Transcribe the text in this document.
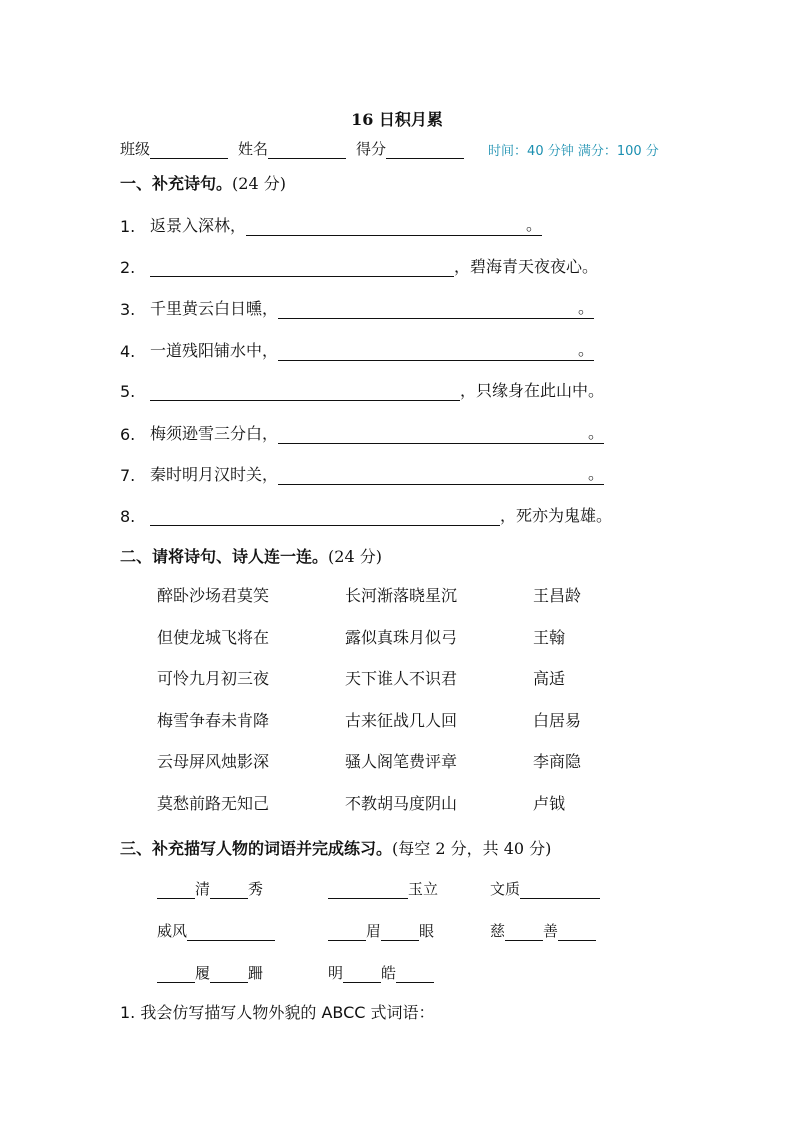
16 日积月累
班级	姓名	得分	时间：40 分钟 满分：100 分
一、补充诗句。(24 分)
1. 返景入深林，	。
2.	，碧海青天夜夜心。
3. 千里黄云白日曛，	。
4. 一道残阳铺水中，	。
5.	，只缘身在此山中。
6. 梅须逊雪三分白，	。
7. 秦时明月汉时关，	。
8.	，死亦为鬼雄。
二、请将诗句、诗人连一连。(24 分)
醉卧沙场君莫笑	长河渐落晓星沉	王昌龄
但使龙城飞将在	露似真珠月似弓	王翰
可怜九月初三夜	天下谁人不识君	高适
梅雪争春未肯降	古来征战几人回	白居易
云母屏风烛影深	骚人阁笔费评章	李商隐
莫愁前路无知己	不教胡马度阴山	卢钺
三、补充描写人物的词语并完成练习。(每空 2 分，共 40 分)
清	秀	玉立	文质
威风	眉	眼	慈	善
履	跚	明	皓
1. 我会仿写描写人物外貌的 ABCC 式词语：
